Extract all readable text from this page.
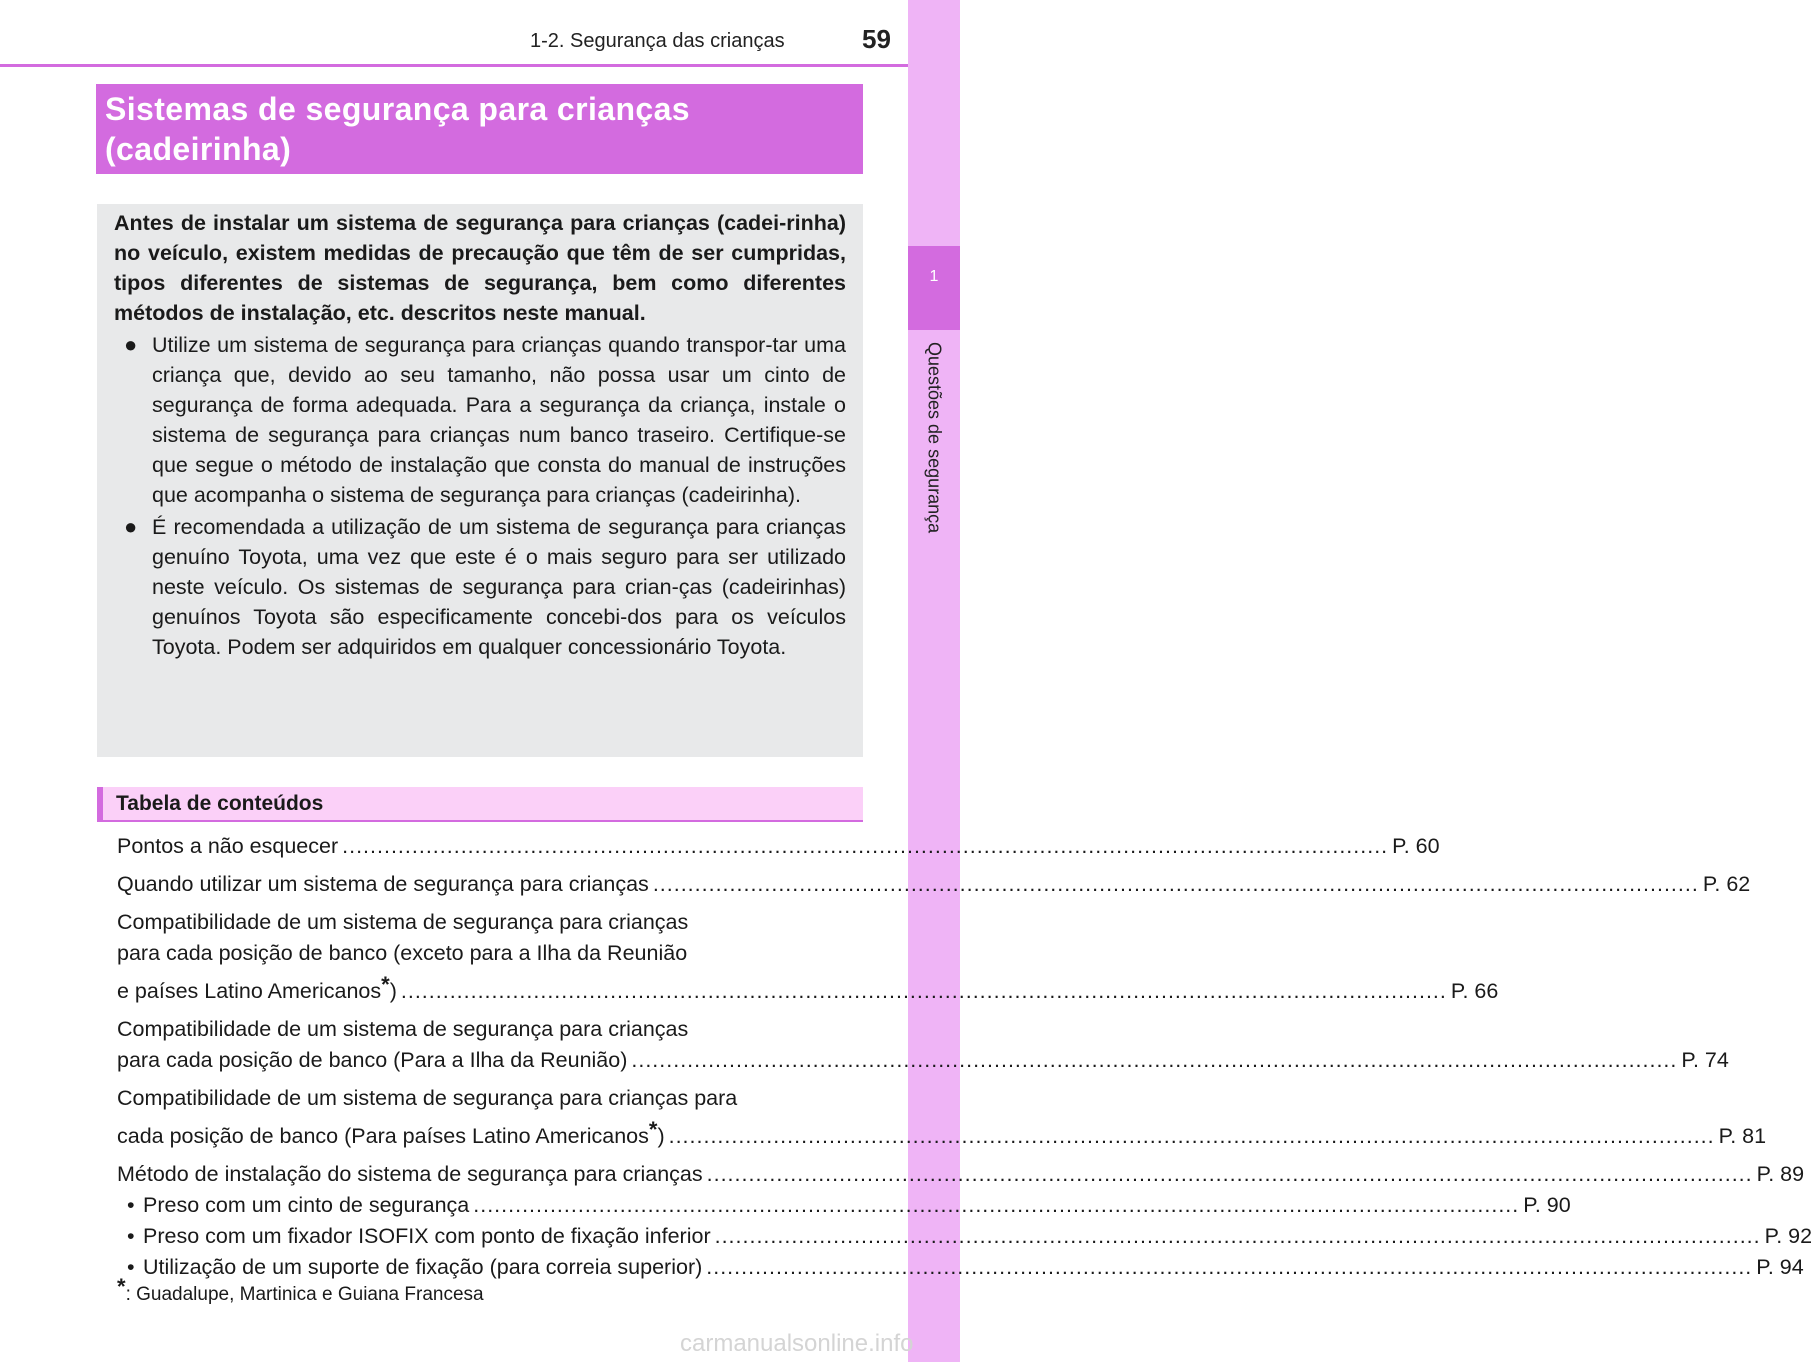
1-2. Segurança das crianças	59
1
Questões de segurança
Sistemas de segurança para crianças
(cadeirinha)

Antes de instalar um sistema de segurança para crianças (cadei-rinha) no veículo, existem medidas de precaução que têm de ser cumpridas, tipos diferentes de sistemas de segurança, bem como diferentes métodos de instalação, etc. descritos neste manual.

● Utilize um sistema de segurança para crianças quando transpor-tar uma criança que, devido ao seu tamanho, não possa usar um cinto de segurança de forma adequada. Para a segurança da criança, instale o sistema de segurança para crianças num banco traseiro. Certifique-se que segue o método de instalação que consta do manual de instruções que acompanha o sistema de segurança para crianças (cadeirinha).

● É recomendada a utilização de um sistema de segurança para crianças genuíno Toyota, uma vez que este é o mais seguro para ser utilizado neste veículo. Os sistemas de segurança para crian-ças (cadeirinhas) genuínos Toyota são especificamente concebi-dos para os veículos Toyota. Podem ser adquiridos em qualquer concessionário Toyota.

Tabela de conteúdos
Pontos a não esquecer ...................................................................................................................................................... P. 60
Quando utilizar um sistema de segurança para crianças ...................................................................................................................................................... P. 62
Compatibilidade de um sistema de segurança para crianças
para cada posição de banco (exceto para a Ilha da Reunião
e países Latino Americanos*) ...................................................................................................................................................... P. 66
Compatibilidade de um sistema de segurança para crianças
para cada posição de banco (Para a Ilha da Reunião) ...................................................................................................................................................... P. 74
Compatibilidade de um sistema de segurança para crianças para
cada posição de banco (Para países Latino Americanos*) ...................................................................................................................................................... P. 81
Método de instalação do sistema de segurança para crianças ...................................................................................................................................................... P. 89
• Preso com um cinto de segurança ...................................................................................................................................................... P. 90
• Preso com um fixador ISOFIX com ponto de fixação inferior ...................................................................................................................................................... P. 92
• Utilização de um suporte de fixação (para correia superior) ...................................................................................................................................................... P. 94
*: Guadalupe, Martinica e Guiana Francesa
carmanualsonline.info
